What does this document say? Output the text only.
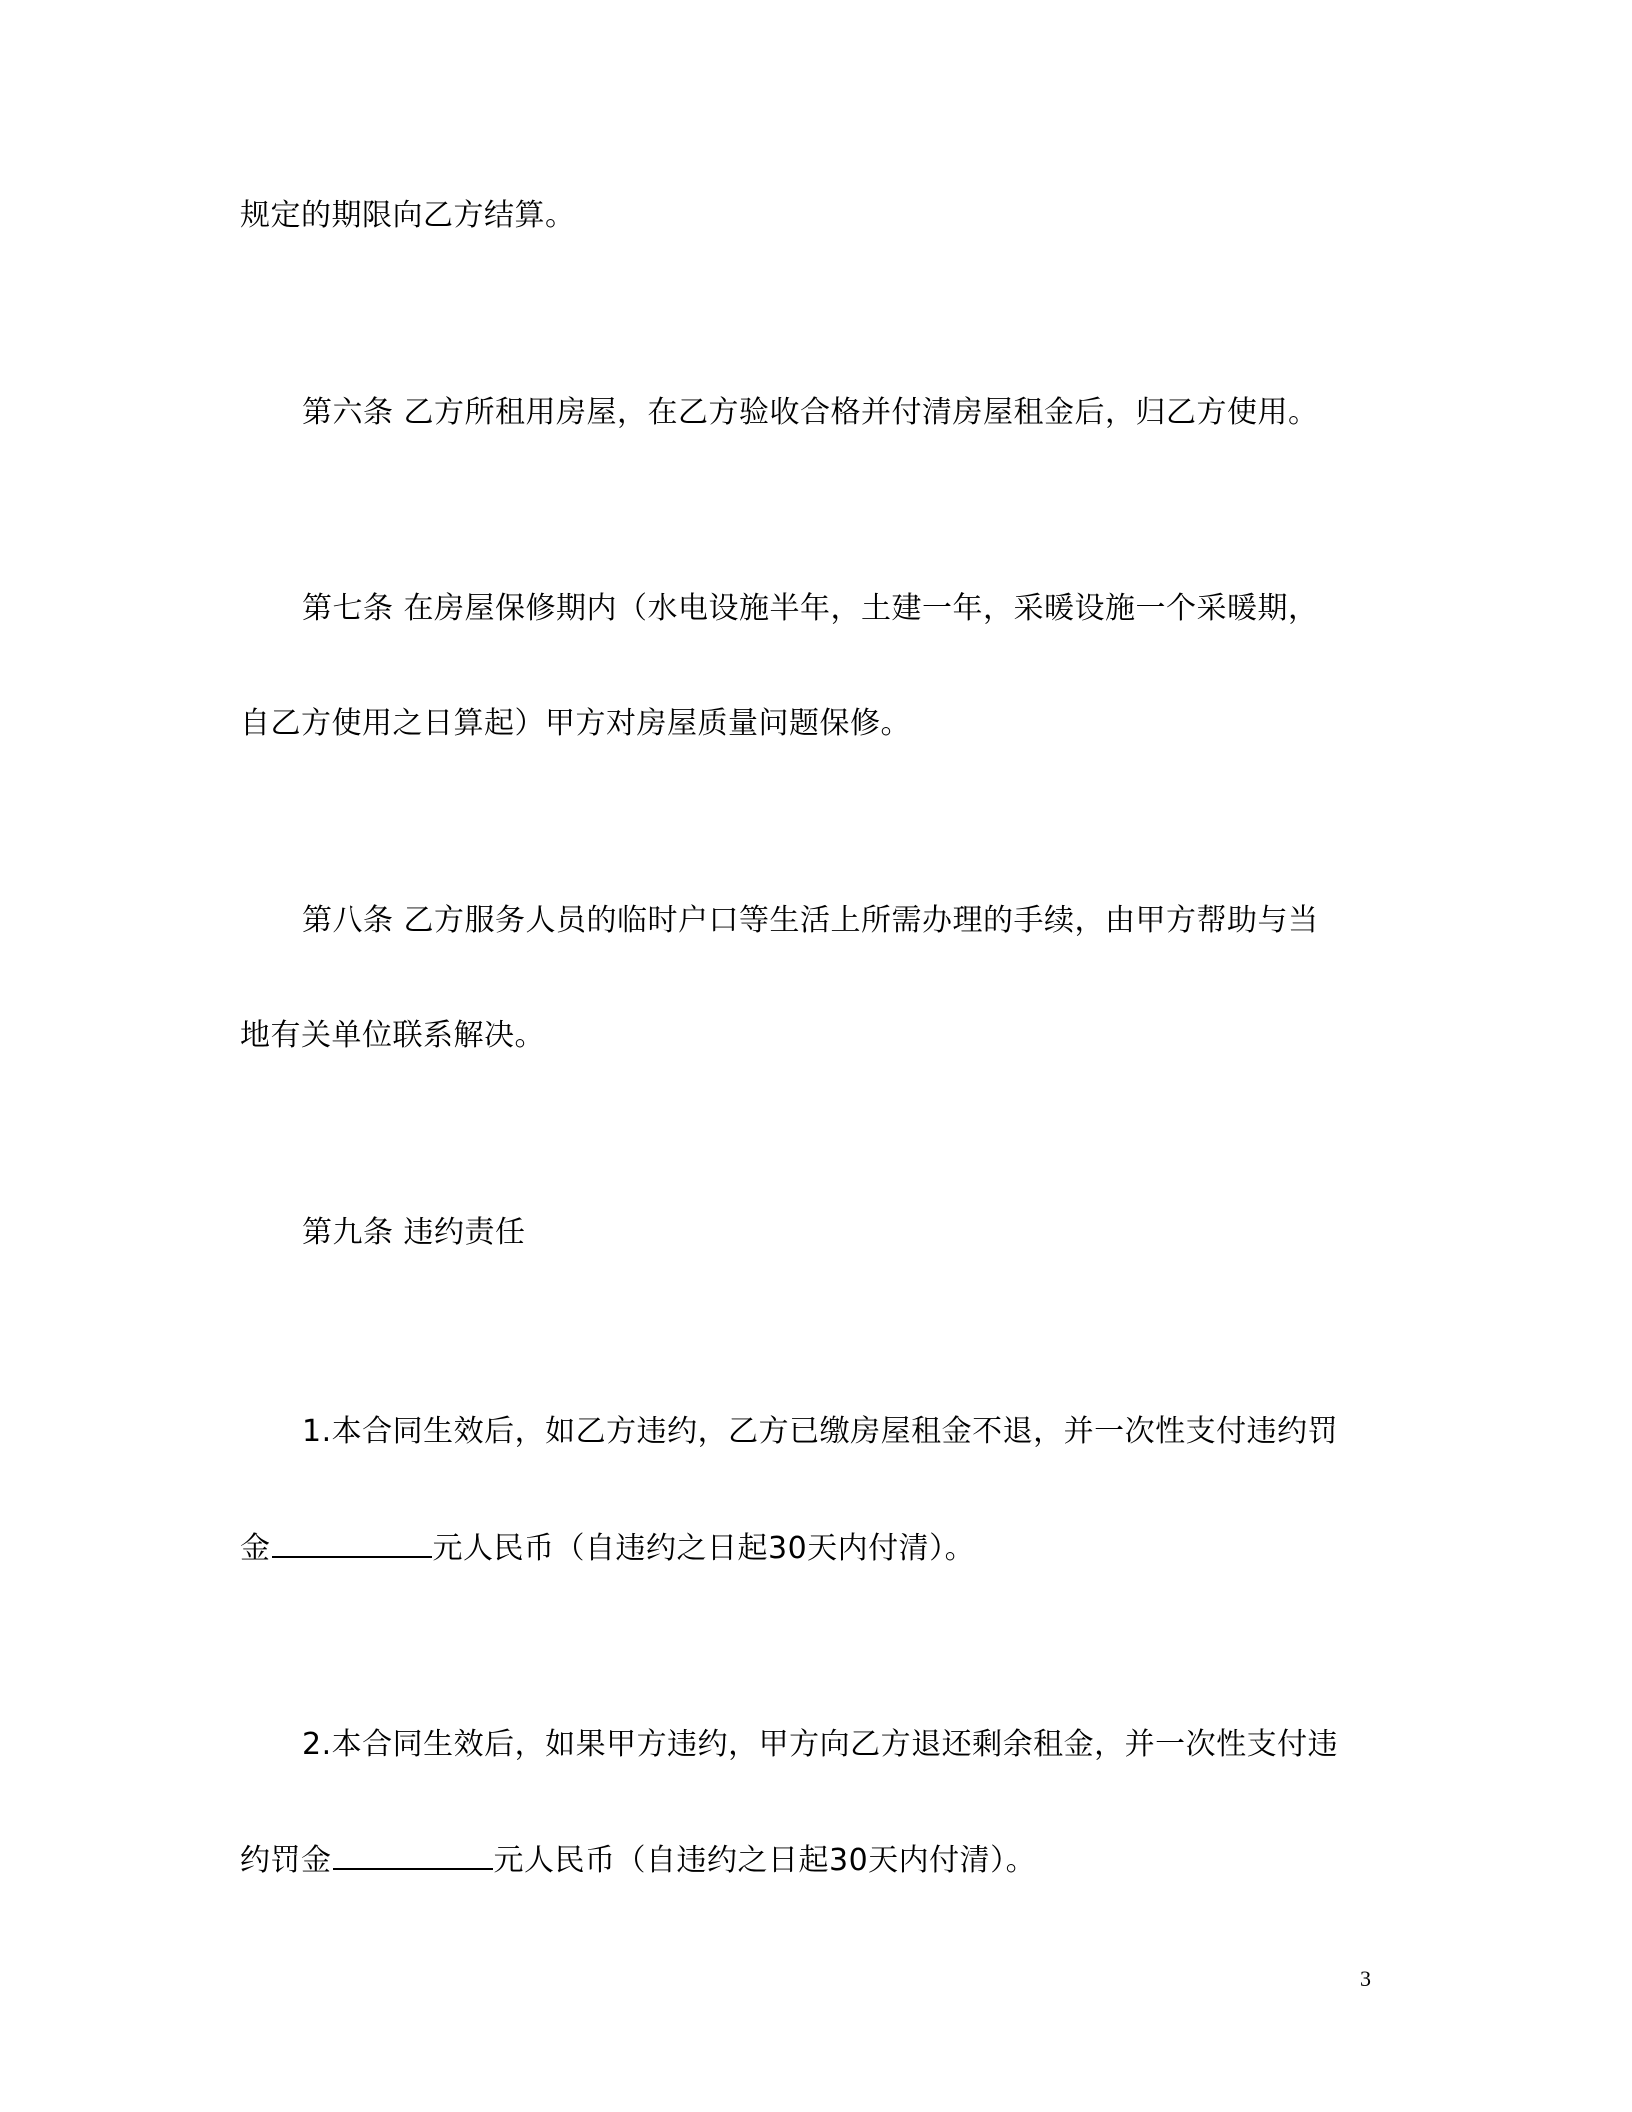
规定的期限向乙方结算。

第六条 乙方所租用房屋，在乙方验收合格并付清房屋租金后，归乙方使用。

第七条 在房屋保修期内（水电设施半年，土建一年，采暖设施一个采暖期，

自乙方使用之日算起）甲方对房屋质量问题保修。

第八条 乙方服务人员的临时户口等生活上所需办理的手续，由甲方帮助与当

地有关单位联系解决。

第九条 违约责任

1.本合同生效后，如乙方违约，乙方已缴房屋租金不退，并一次性支付违约罚

金	元人民币（自违约之日起30天内付清）。

2.本合同生效后，如果甲方违约，甲方向乙方退还剩余租金，并一次性支付违

约罚金	元人民币（自违约之日起30天内付清）。

3
